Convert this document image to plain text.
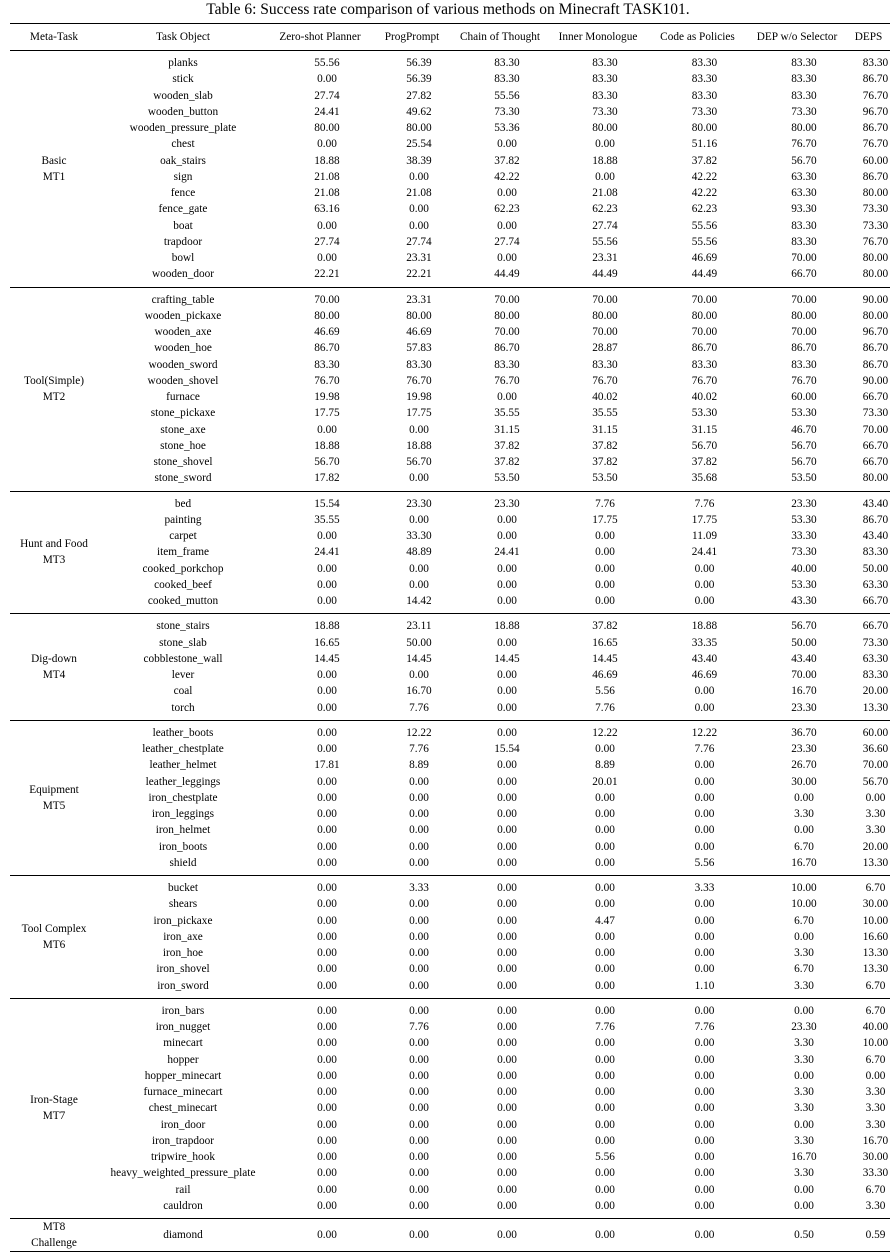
Table 6: Success rate comparison of various methods on Minecraft TASK101.
Meta-Task	Task Object	Zero-shot Planner	ProgPrompt	Chain of Thought	Inner Monologue	Code as Policies	DEP w/o Selector	DEPS

Basic
MT1	planks	55.56	56.39	83.30	83.30	83.30	83.30	83.30
	stick	0.00	56.39	83.30	83.30	83.30	83.30	86.70
	wooden_slab	27.74	27.82	55.56	83.30	83.30	83.30	76.70
	wooden_button	24.41	49.62	73.30	73.30	73.30	73.30	96.70
	wooden_pressure_plate	80.00	80.00	53.36	80.00	80.00	80.00	86.70
	chest	0.00	25.54	0.00	0.00	51.16	76.70	76.70
	oak_stairs	18.88	38.39	37.82	18.88	37.82	56.70	60.00
	sign	21.08	0.00	42.22	0.00	42.22	63.30	86.70
	fence	21.08	21.08	0.00	21.08	42.22	63.30	80.00
	fence_gate	63.16	0.00	62.23	62.23	62.23	93.30	73.30
	boat	0.00	0.00	0.00	27.74	55.56	83.30	73.30
	trapdoor	27.74	27.74	27.74	55.56	55.56	83.30	76.70
	bowl	0.00	23.31	0.00	23.31	46.69	70.00	80.00
	wooden_door	22.21	22.21	44.49	44.49	44.49	66.70	80.00

Tool(Simple)
MT2	crafting_table	70.00	23.31	70.00	70.00	70.00	70.00	90.00
	wooden_pickaxe	80.00	80.00	80.00	80.00	80.00	80.00	80.00
	wooden_axe	46.69	46.69	70.00	70.00	70.00	70.00	96.70
	wooden_hoe	86.70	57.83	86.70	28.87	86.70	86.70	86.70
	wooden_sword	83.30	83.30	83.30	83.30	83.30	83.30	86.70
	wooden_shovel	76.70	76.70	76.70	76.70	76.70	76.70	90.00
	furnace	19.98	19.98	0.00	40.02	40.02	60.00	66.70
	stone_pickaxe	17.75	17.75	35.55	35.55	53.30	53.30	73.30
	stone_axe	0.00	0.00	31.15	31.15	31.15	46.70	70.00
	stone_hoe	18.88	18.88	37.82	37.82	56.70	56.70	66.70
	stone_shovel	56.70	56.70	37.82	37.82	37.82	56.70	66.70
	stone_sword	17.82	0.00	53.50	53.50	35.68	53.50	80.00

Hunt and Food
MT3	bed	15.54	23.30	23.30	7.76	7.76	23.30	43.40
	painting	35.55	0.00	0.00	17.75	17.75	53.30	86.70
	carpet	0.00	33.30	0.00	0.00	11.09	33.30	43.40
	item_frame	24.41	48.89	24.41	0.00	24.41	73.30	83.30
	cooked_porkchop	0.00	0.00	0.00	0.00	0.00	40.00	50.00
	cooked_beef	0.00	0.00	0.00	0.00	0.00	53.30	63.30
	cooked_mutton	0.00	14.42	0.00	0.00	0.00	43.30	66.70

Dig-down
MT4	stone_stairs	18.88	23.11	18.88	37.82	18.88	56.70	66.70
	stone_slab	16.65	50.00	0.00	16.65	33.35	50.00	73.30
	cobblestone_wall	14.45	14.45	14.45	14.45	43.40	43.40	63.30
	lever	0.00	0.00	0.00	46.69	46.69	70.00	83.30
	coal	0.00	16.70	0.00	5.56	0.00	16.70	20.00
	torch	0.00	7.76	0.00	7.76	0.00	23.30	13.30

Equipment
MT5	leather_boots	0.00	12.22	0.00	12.22	12.22	36.70	60.00
	leather_chestplate	0.00	7.76	15.54	0.00	7.76	23.30	36.60
	leather_helmet	17.81	8.89	0.00	8.89	0.00	26.70	70.00
	leather_leggings	0.00	0.00	0.00	20.01	0.00	30.00	56.70
	iron_chestplate	0.00	0.00	0.00	0.00	0.00	0.00	0.00
	iron_leggings	0.00	0.00	0.00	0.00	0.00	3.30	3.30
	iron_helmet	0.00	0.00	0.00	0.00	0.00	0.00	3.30
	iron_boots	0.00	0.00	0.00	0.00	0.00	6.70	20.00
	shield	0.00	0.00	0.00	0.00	5.56	16.70	13.30

Tool Complex
MT6	bucket	0.00	3.33	0.00	0.00	3.33	10.00	6.70
	shears	0.00	0.00	0.00	0.00	0.00	10.00	30.00
	iron_pickaxe	0.00	0.00	0.00	4.47	0.00	6.70	10.00
	iron_axe	0.00	0.00	0.00	0.00	0.00	0.00	16.60
	iron_hoe	0.00	0.00	0.00	0.00	0.00	3.30	13.30
	iron_shovel	0.00	0.00	0.00	0.00	0.00	6.70	13.30
	iron_sword	0.00	0.00	0.00	0.00	1.10	3.30	6.70

Iron-Stage
MT7	iron_bars	0.00	0.00	0.00	0.00	0.00	0.00	6.70
	iron_nugget	0.00	7.76	0.00	7.76	7.76	23.30	40.00
	minecart	0.00	0.00	0.00	0.00	0.00	3.30	10.00
	hopper	0.00	0.00	0.00	0.00	0.00	3.30	6.70
	hopper_minecart	0.00	0.00	0.00	0.00	0.00	0.00	0.00
	furnace_minecart	0.00	0.00	0.00	0.00	0.00	3.30	3.30
	chest_minecart	0.00	0.00	0.00	0.00	0.00	3.30	3.30
	iron_door	0.00	0.00	0.00	0.00	0.00	0.00	3.30
	iron_trapdoor	0.00	0.00	0.00	0.00	0.00	3.30	16.70
	tripwire_hook	0.00	0.00	0.00	5.56	0.00	16.70	30.00
	heavy_weighted_pressure_plate	0.00	0.00	0.00	0.00	0.00	3.30	33.30
	rail	0.00	0.00	0.00	0.00	0.00	0.00	6.70
	cauldron	0.00	0.00	0.00	0.00	0.00	0.00	3.30

MT8
Challenge	diamond	0.00	0.00	0.00	0.00	0.00	0.50	0.59
